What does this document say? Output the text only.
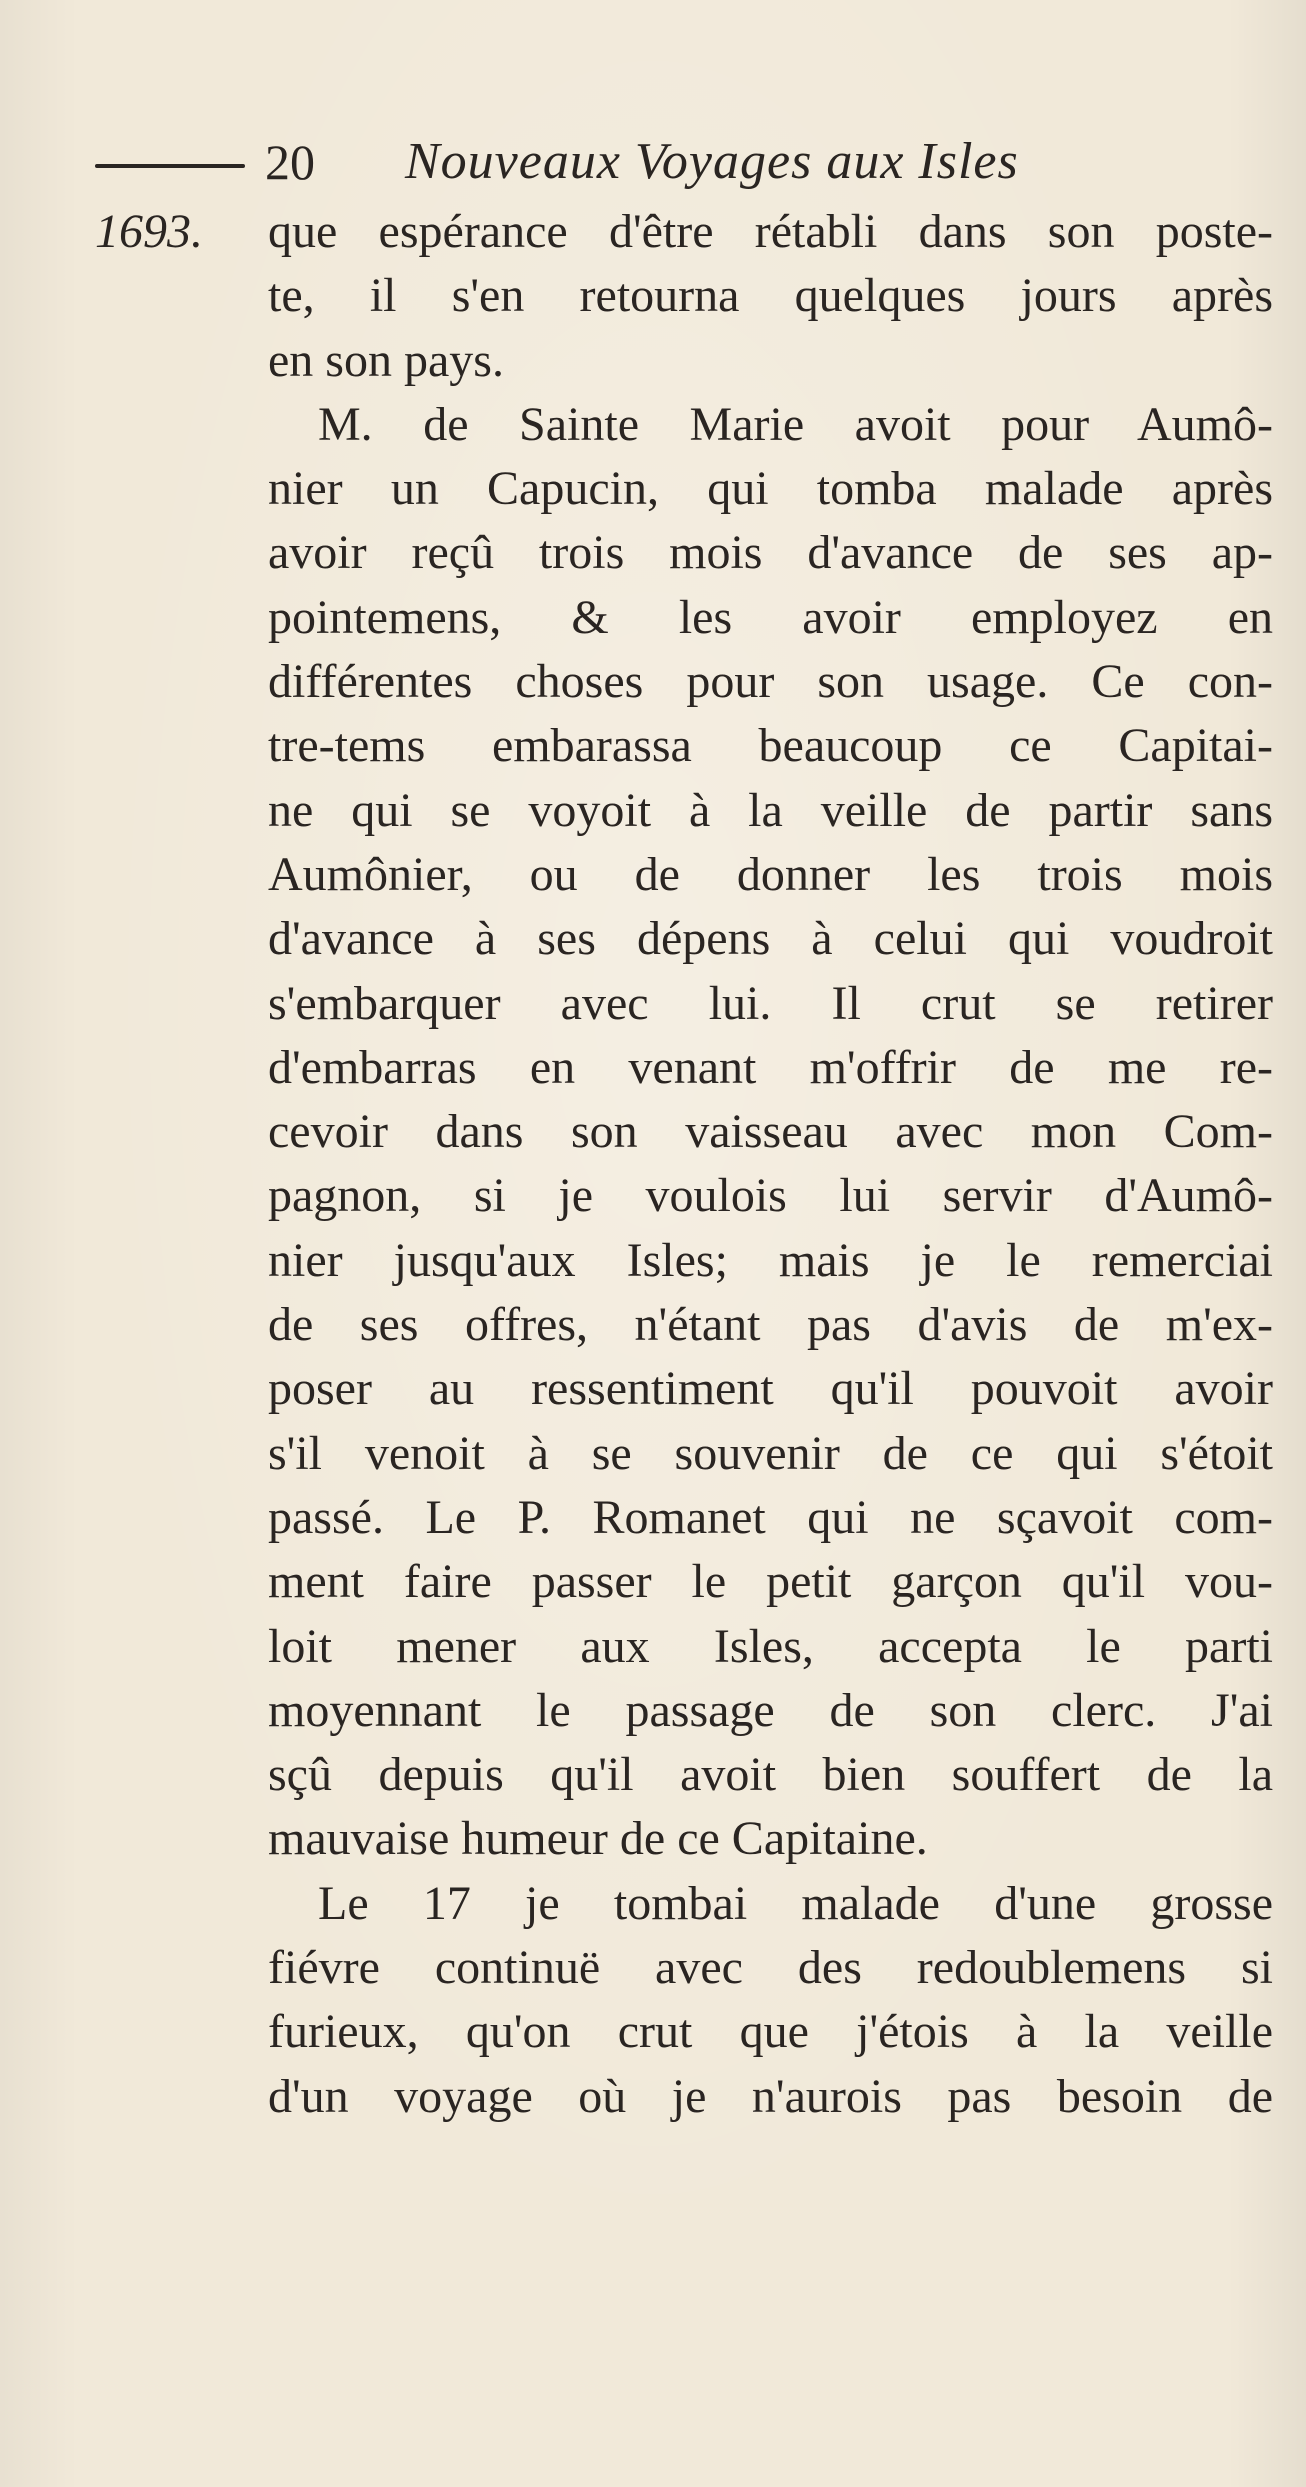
20 Nouveaux Voyages aux Isles
1693. que espérance d'être rétabli dans son poste-
te, il s'en retourna quelques jours après
en son pays.
M. de Sainte Marie avoit pour Aumô-
nier un Capucin, qui tomba malade après
avoir reçû trois mois d'avance de ses ap-
pointemens, & les avoir employez en
différentes choses pour son usage. Ce con-
tre-tems embarassa beaucoup ce Capitai-
ne qui se voyoit à la veille de partir sans
Aumônier, ou de donner les trois mois
d'avance à ses dépens à celui qui voudroit
s'embarquer avec lui. Il crut se retirer
d'embarras en venant m'offrir de me re-
cevoir dans son vaisseau avec mon Com-
pagnon, si je voulois lui servir d'Aumô-
nier jusqu'aux Isles; mais je le remerciai
de ses offres, n'étant pas d'avis de m'ex-
poser au ressentiment qu'il pouvoit avoir
s'il venoit à se souvenir de ce qui s'étoit
passé. Le P. Romanet qui ne sçavoit com-
ment faire passer le petit garçon qu'il vou-
loit mener aux Isles, accepta le parti
moyennant le passage de son clerc. J'ai
sçû depuis qu'il avoit bien souffert de la
mauvaise humeur de ce Capitaine.
Le 17 je tombai malade d'une grosse
fiévre continuë avec des redoublemens si
furieux, qu'on crut que j'étois à la veille
d'un voyage où je n'aurois pas besoin de
